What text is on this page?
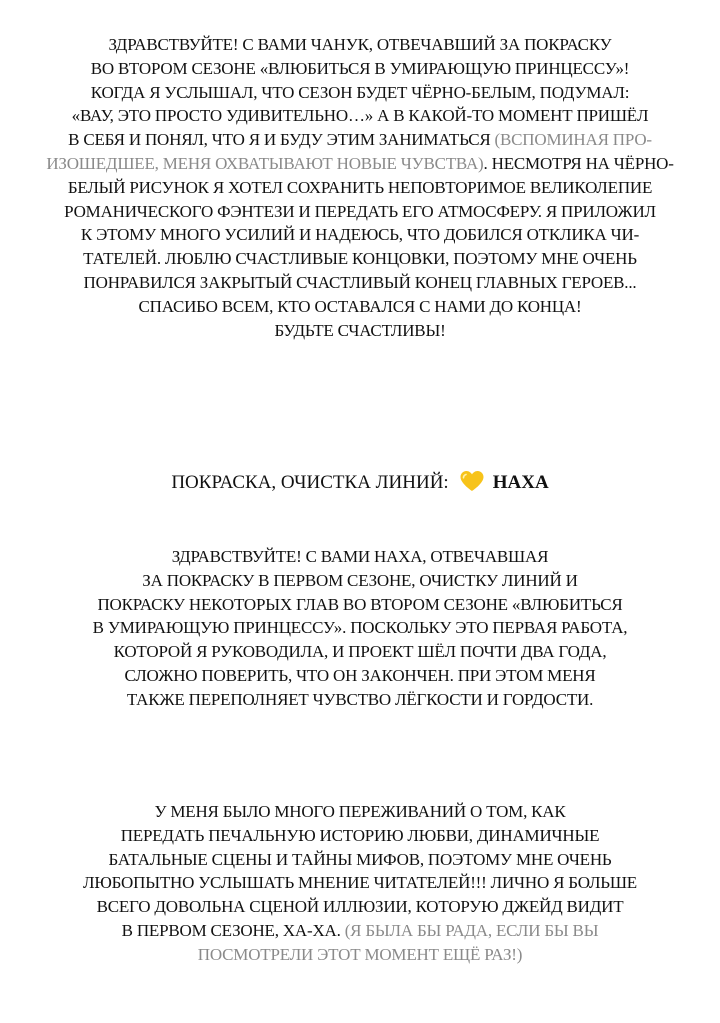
ЗДРАВСТВУЙТЕ! С ВАМИ ЧАНУК, ОТВЕЧАВШИЙ ЗА ПОКРАСКУ
ВО ВТОРОМ СЕЗОНЕ «ВЛЮБИТЬСЯ В УМИРАЮЩУЮ ПРИНЦЕССУ»!
КОГДА Я УСЛЫШАЛ, ЧТО СЕЗОН БУДЕТ ЧЁРНО-БЕЛЫМ, ПОДУМАЛ:
«ВАУ, ЭТО ПРОСТО УДИВИТЕЛЬНО…» А В КАКОЙ-ТО МОМЕНТ ПРИШЁЛ
В СЕБЯ И ПОНЯЛ, ЧТО Я И БУДУ ЭТИМ ЗАНИМАТЬСЯ (ВСПОМИНАЯ ПРО-
ИЗОШЕДШЕЕ, МЕНЯ ОХВАТЫВАЮТ НОВЫЕ ЧУВСТВА). НЕСМОТРЯ НА ЧЁРНО-
БЕЛЫЙ РИСУНОК Я ХОТЕЛ СОХРАНИТЬ НЕПОВТОРИМОЕ ВЕЛИКОЛЕПИЕ
РОМАНИЧЕСКОГО ФЭНТЕЗИ И ПЕРЕДАТЬ ЕГО АТМОСФЕРУ. Я ПРИЛОЖИЛ
К ЭТОМУ МНОГО УСИЛИЙ И НАДЕЮСЬ, ЧТО ДОБИЛСЯ ОТКЛИКА ЧИ-
ТАТЕЛЕЙ. ЛЮБЛЮ СЧАСТЛИВЫЕ КОНЦОВКИ, ПОЭТОМУ МНЕ ОЧЕНЬ
ПОНРАВИЛСЯ ЗАКРЫТЫЙ СЧАСТЛИВЫЙ КОНЕЦ ГЛАВНЫХ ГЕРОЕВ...
СПАСИБО ВСЕМ, КТО ОСТАВАЛСЯ С НАМИ ДО КОНЦА!
БУДЬТЕ СЧАСТЛИВЫ!
ПОКРАСКА, ОЧИСТКА ЛИНИЙ: НАХА
ЗДРАВСТВУЙТЕ! С ВАМИ НАХА, ОТВЕЧАВШАЯ
ЗА ПОКРАСКУ В ПЕРВОМ СЕЗОНЕ, ОЧИСТКУ ЛИНИЙ И
ПОКРАСКУ НЕКОТОРЫХ ГЛАВ ВО ВТОРОМ СЕЗОНЕ «ВЛЮБИТЬСЯ
В УМИРАЮЩУЮ ПРИНЦЕССУ». ПОСКОЛЬКУ ЭТО ПЕРВАЯ РАБОТА,
КОТОРОЙ Я РУКОВОДИЛА, И ПРОЕКТ ШЁЛ ПОЧТИ ДВА ГОДА,
СЛОЖНО ПОВЕРИТЬ, ЧТО ОН ЗАКОНЧЕН. ПРИ ЭТОМ МЕНЯ
ТАКЖЕ ПЕРЕПОЛНЯЕТ ЧУВСТВО ЛЁГКОСТИ И ГОРДОСТИ.
У МЕНЯ БЫЛО МНОГО ПЕРЕЖИВАНИЙ О ТОМ, КАК
ПЕРЕДАТЬ ПЕЧАЛЬНУЮ ИСТОРИЮ ЛЮБВИ, ДИНАМИЧНЫЕ
БАТАЛЬНЫЕ СЦЕНЫ И ТАЙНЫ МИФОВ, ПОЭТОМУ МНЕ ОЧЕНЬ
ЛЮБОПЫТНО УСЛЫШАТЬ МНЕНИЕ ЧИТАТЕЛЕЙ!!! ЛИЧНО Я БОЛЬШЕ
ВСЕГО ДОВОЛЬНА СЦЕНОЙ ИЛЛЮЗИИ, КОТОРУЮ ДЖЕЙД ВИДИТ
В ПЕРВОМ СЕЗОНЕ, ХА-ХА. (Я БЫЛА БЫ РАДА, ЕСЛИ БЫ ВЫ
ПОСМОТРЕЛИ ЭТОТ МОМЕНТ ЕЩЁ РАЗ!)
